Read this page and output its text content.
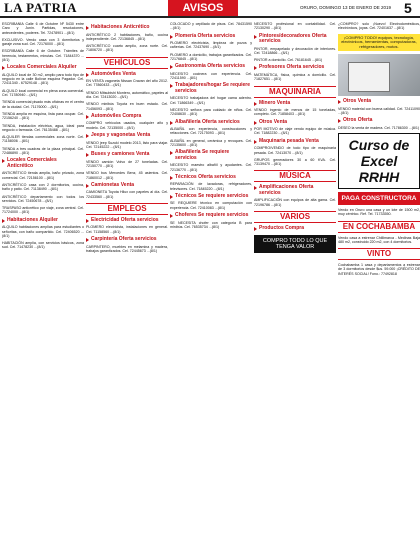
LA PATRIA	AVISOS	ORURO, DOMINGO 13 DE ENERO DE 2019 5

ESCRIBANÍA Calle 6 de Octubre Nº 5430 entre Caro y Junín. Partidas, resoluciones, antecedentes, poderes. Tel. 72478901 ...(8/1)

EXCLUSIVO. Vendo casa con 3 dormitorios y garaje zona sud. Cel. 72176000 ...(8/1)

ESCRIBANÍA Calle 6 de Octubre. Trámites de herencia, testamentos, minutas. Cel. 71844370 ...(8/1)

Locales Comerciales Alquiler

ALQUILO local de 30 m2, amplio para todo tipo de negocio en la calle Bolívar esquina Pagador. Cel. 72411340 - 67529148 ...(8/1)

ALQUILO local comercial en plena zona comercial. Cel. 71780940 ...(8/1)

TIENDA comercial pisado más oficinas en el centro de la ciudad. Cel. 71176000 ...(8/1)

TIENDA amplia en esquina, lista para ocupar. Cel. 72156240 ...(8/1)

TIENDA, instalación eléctrica, agua, ideal para negocio o farmacia. Cel. 76135488 ...(8/1)

ALQUILER tiendas comerciales zona norte. Cel. 71158006 ...(8/1)

TIENDA a tres cuadras de la plaza principal. Cel. 72486890 ...(8/1)

Locales Comerciales Anticrético

ANTICRÉTICO tienda amplia, baño privado, zona comercial. Cel. 72156100 ...(8/1)

ANTICRÉTICO casa con 2 dormitorios, cocina, baño y patio. Cel. 71138490 ...(8/1)

ANTICRÉTICO departamento con todos los servicios. Cel. 72450678 ...(8/1)

TRASPASO anticrético por viaje, zona central. Cel. 71724000 ...(8/1)

Habitaciones Alquiler

ALQUILO habitaciones amplias para estudiantes o señoritas, con baño compartido. Cel. 72406520 ...(8/1)

HABITACIÓN amplia, con servicios básicos, zona sud. Cel. 71478230 ...(8/1)

Habitaciones Anticrético

ANTICRÉTICO 2 habitaciones, baño, cocina independiente. Cel. 72136845 ...(8/1)

ANTICRÉTICO cuarto amplio, zona norte. Cel. 71806720 ...(8/1)

VEHÍCULOS
Automóviles Venta

EN VENTA vagoneta Nissan Cravan del año 2012. Cel. 77860433 ...(8/1)

VENDO Mitsubishi Montero, automático, papeles al día. Cel. 72413020 ...(8/1)

VENDO minibús Toyota en buen estado. Cel. 71456093 ...(8/1)

Automóviles Compra

COMPRO vehículos usados, cualquier año y modelo. Cel. 72135000 ...(8/1)

Jeeps y vagonetas Venta

VENDO jeep Suzuki modelo 2013, listo para viajar. Cel. 72145222 ...(8/1)

Buses y camiones Venta

VENDO camión Volvo de 27 toneladas. Cel. 72150770 ...(8/1)

VENDO bus Mercedes Benz, 45 asientos. Cel. 71860012 ...(8/1)

Camionetas Venta

CAMIONETA Toyota Hilux con papeles al día. Cel. 72433560 ...(8/1)

EMPLEOS
Electricidad Oferta servicios

PLOMERO electricista, instalaciones en general. Cel. 71158560 ...(8/1)

Carpintería Oferta servicios

CARPINTERO, muebles en melamina y madera, trabajos garantizados. Cel. 72445673 ...(8/1)

COLOCADO y cepillado de pisos. Cel. 78431590 ...(8/1)

Plomería Oferta servicios

PLOMERO electricista, limpieza de pozos y cañerías. Cel. 72437690 ...(8/1)

PLOMERO a domicilio, trabajos garantizados. Cel. 72176845 ...(8/1)

Gastronomía Oferta servicios

NECESITO cocinera con experiencia. Cel. 72411590 ...(8/1)

Trabajadores/hogar Se requiere servicios

NECESITO trabajadora del hogar cama adentro. Cel. 71866349 ...(8/1)

NECESITO señora para cuidado de niños. Cel. 72408630 ...(8/1)

Albañilería Oferta servicios

ALBAÑIL con experiencia, construcciones y refacciones. Cel. 72175093 ...(8/1)

ALBAÑIL en general, cerámica y revoques. Cel. 72135600 ...(8/1)

Albañilería Se requiere servicios

NECESITO maestro albañil y ayudantes. Cel. 72136770 ...(8/1)

Técnicos Oferta servicios

REPARACIÓN de lavadoras, refrigeradores, televisores. Cel. 71845220 ...(8/1)

Técnicos Se requiere servicios

SE REQUIERE técnico en computación con experiencia. Cel. 72410083 ...(8/1)

Choferes Se requiere servicios

SE NECESITA chofer con categoría B para minibús. Cel. 76535734 ...(8/1)

NECESITO profesional en contabilidad. Cel. 72130290 ...(8/1)

Pintores/decoradores Oferta servicios

PINTOR, empapelado y decoración de interiores. Cel. 72418866 ...(8/1)

PINTOR a domicilio. Cel. 76181645 ...(8/1)

Profesores Oferta servicios

MATEMÁTICA, física, química a domicilio. Cel. 71827651 ...(8/1)

MAQUINARIA
Minero Venta

VENDO ingenio de menos de 15 toneladas, completo. Cel. 71858403 ...(8/1)

Otros Venta

POR MOTIVO de viaje vendo equipo de música. Cel. 71882230 ...(8/1)

Maquinaria pesada Venta

COMPRO/VENDO de todo tipo de maquinaria pesada. Cel. 72413070 ...(8/1)

GRUPOS generadores 30 a 60 KVA. Cel. 73139470 ...(8/1)

MÚSICA
Amplificaciones Oferta servicios

AMPLIFICACIÓN con equipos de alta gama. Cel. 72196786 ...(8/1)

VARIOS
Productos Compra
COMPRO TODO LO QUE TENGA VALOR

¿COMPRO? solo ¡Nuevo! Electrodomésticos, electrónicos, joyas. Cel. 72401637 ...(8/1)

¡COMPRO TODO! equipos, tecnología, electrónicos, herramientas, computadoras, refrigeradores, motos.
Otros Venta

VENDO material con buena calidad. Cel. 72411090 ...(8/1)

Otros Oferta

DESEO la venta de madera. Cel. 71786300 ...(8/1)

Curso de Excel RRHH
PAGA CONSTRUCTORA

Vendo en Oruro una casa y un lote de 1500 m2, muy céntrico. Ref. Tel. 71733550.

EN COCHABAMBA

Vendo casa a estrenar Chillimarca - Medinas Baja 480 m2, construido 220 m2, con 4 dormitorios.

VINTO

Cochabamba 1 casa y departamentos a estrenar de 3 dormitorios desde $us. 59.000 ¡CRÉDITO DE INTERÉS SOCIAL! Fono.: 77492818
